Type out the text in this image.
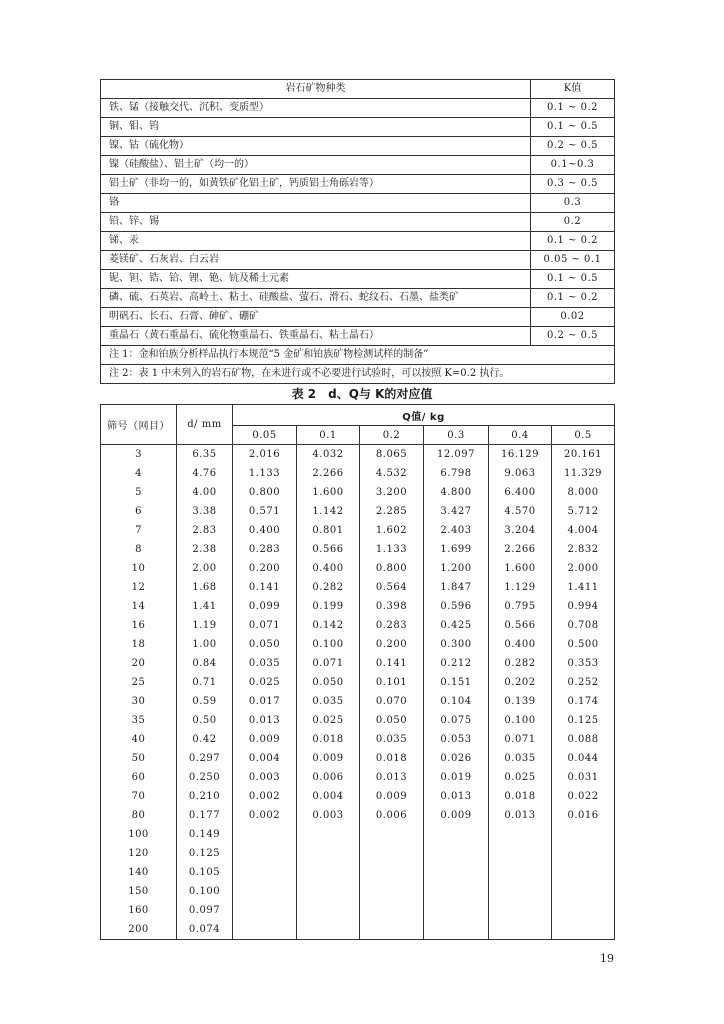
岩石矿物种类	K值
铁、锰（接触交代、沉积、变质型）	0.1 ~ 0.2
铜、钼、钨	0.1 ~ 0.5
镍、钴（硫化物）	0.2 ~ 0.5
镍（硅酸盐）、铝土矿（均一的）	0.1~0.3
铝土矿（非均一的，如黄铁矿化铝土矿，钙质铝土角砾岩等）	0.3 ~ 0.5
铬	0.3
铅、锌、锡	0.2
锑、汞	0.1 ~ 0.2
菱镁矿、石灰岩、白云岩	0.05 ~ 0.1
铌、钽、锆、铪、锂、铯、钪及稀土元素	0.1 ~ 0.5
磷、硫、石英岩、高岭土、粘土、硅酸盐、萤石、滑石、蛇纹石、石墨、盐类矿	0.1 ~ 0.2
明矾石、长石、石膏、砷矿、硼矿	0.02
重晶石（黄石重晶石、硫化物重晶石、铁重晶石、粘土晶石）	0.2 ~ 0.5
注 1：金和铂族分析样品执行本规范“5 金矿和铂族矿物检测试样的制备”	
注 2：表 1 中未列入的岩石矿物，在未进行或不必要进行试验时，可以按照 K=0.2 执行。	
表 2　d、Q与 K的对应值
筛号（网目）	d/ mm	Q值/ kg					
		0.05	0.1	0.2	0.3	0.4	0.5
3	6.35	2.016	4.032	8.065	12.097	16.129	20.161
4	4.76	1.133	2.266	4.532	6.798	9.063	11.329
5	4.00	0.800	1.600	3.200	4.800	6.400	8.000
6	3.38	0.571	1.142	2.285	3.427	4.570	5.712
7	2.83	0.400	0.801	1.602	2.403	3.204	4.004
8	2.38	0.283	0.566	1.133	1.699	2.266	2.832
10	2.00	0.200	0.400	0.800	1.200	1.600	2.000
12	1.68	0.141	0.282	0.564	1.847	1.129	1.411
14	1.41	0.099	0.199	0.398	0.596	0.795	0.994
16	1.19	0.071	0.142	0.283	0.425	0.566	0.708
18	1.00	0.050	0.100	0.200	0.300	0.400	0.500
20	0.84	0.035	0.071	0.141	0.212	0.282	0.353
25	0.71	0.025	0.050	0.101	0.151	0.202	0.252
30	0.59	0.017	0.035	0.070	0.104	0.139	0.174
35	0.50	0.013	0.025	0.050	0.075	0.100	0.125
40	0.42	0.009	0.018	0.035	0.053	0.071	0.088
50	0.297	0.004	0.009	0.018	0.026	0.035	0.044
60	0.250	0.003	0.006	0.013	0.019	0.025	0.031
70	0.210	0.002	0.004	0.009	0.013	0.018	0.022
80	0.177	0.002	0.003	0.006	0.009	0.013	0.016
100	0.149						
120	0.125						
140	0.105						
150	0.100						
160	0.097						
200	0.074						
19
